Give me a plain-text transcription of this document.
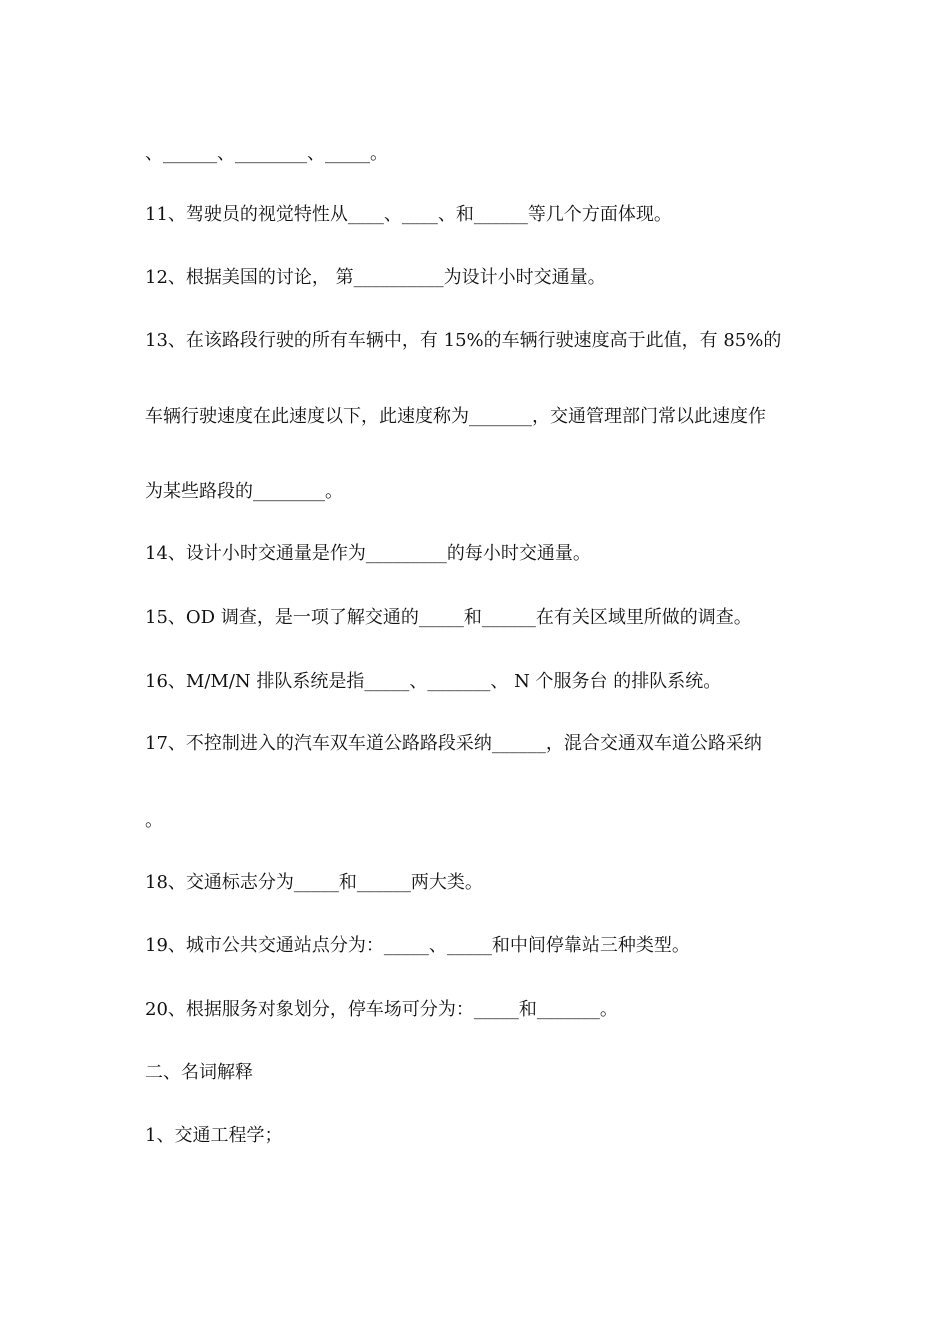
、______、________、_____。
11、驾驶员的视觉特性从____、____、和______等几个方面体现。
12、根据美国的讨论， 第__________为设计小时交通量。
13、在该路段行驶的所有车辆中，有 15%的车辆行驶速度高于此值，有 85%的
车辆行驶速度在此速度以下，此速度称为_______，交通管理部门常以此速度作
为某些路段的________。
14、设计小时交通量是作为_________的每小时交通量。
15、OD 调查，是一项了解交通的_____和______在有关区域里所做的调查。
16、M/M/N 排队系统是指_____、_______、 N 个服务台 的排队系统。
17、不控制进入的汽车双车道公路路段采纳______，混合交通双车道公路采纳
。
18、交通标志分为_____和______两大类。
19、城市公共交通站点分为：_____、_____和中间停靠站三种类型。
20、根据服务对象划分，停车场可分为：_____和_______。
二、名词解释
1、交通工程学；
